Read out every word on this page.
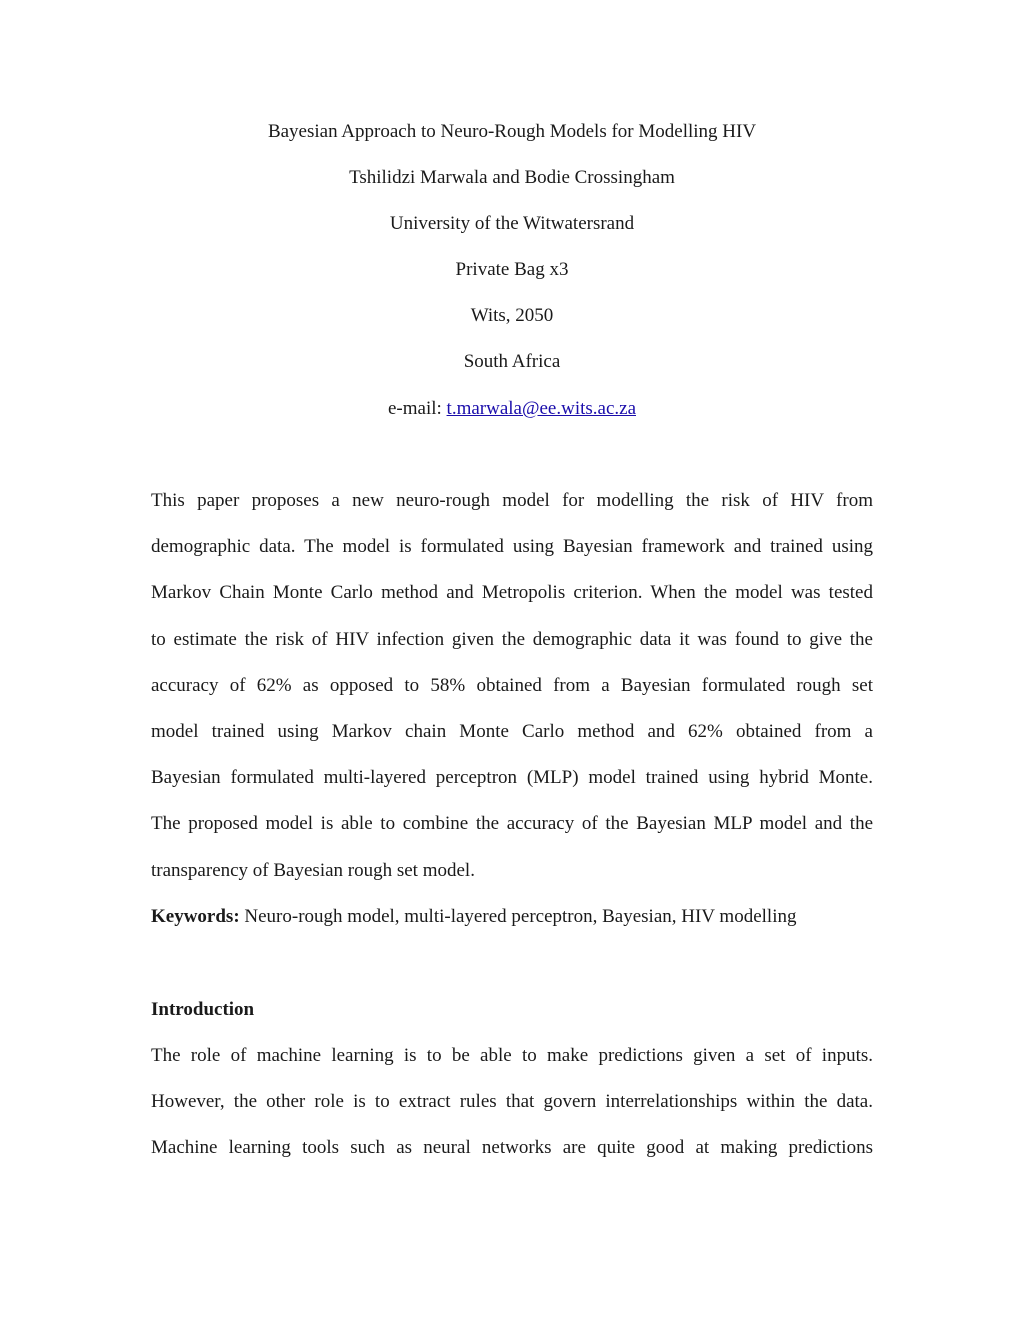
Bayesian Approach to Neuro-Rough Models for Modelling HIV
Tshilidzi Marwala and Bodie Crossingham
University of the Witwatersrand
Private Bag x3
Wits, 2050
South Africa
e-mail: t.marwala@ee.wits.ac.za
This paper proposes a new neuro-rough model for modelling the risk of HIV from
demographic data. The model is formulated using Bayesian framework and trained using
Markov Chain Monte Carlo method and Metropolis criterion. When the model was tested
to estimate the risk of HIV infection given the demographic data it was found to give the
accuracy of 62% as opposed to 58% obtained from a Bayesian formulated rough set
model trained using Markov chain Monte Carlo method and 62% obtained from a
Bayesian formulated multi-layered perceptron (MLP) model trained using hybrid Monte.
The proposed model is able to combine the accuracy of the Bayesian MLP model and the
transparency of Bayesian rough set model.
Keywords: Neuro-rough model, multi-layered perceptron, Bayesian, HIV modelling
Introduction
The role of machine learning is to be able to make predictions given a set of inputs.
However, the other role is to extract rules that govern interrelationships within the data.
Machine learning tools such as neural networks are quite good at making predictions
